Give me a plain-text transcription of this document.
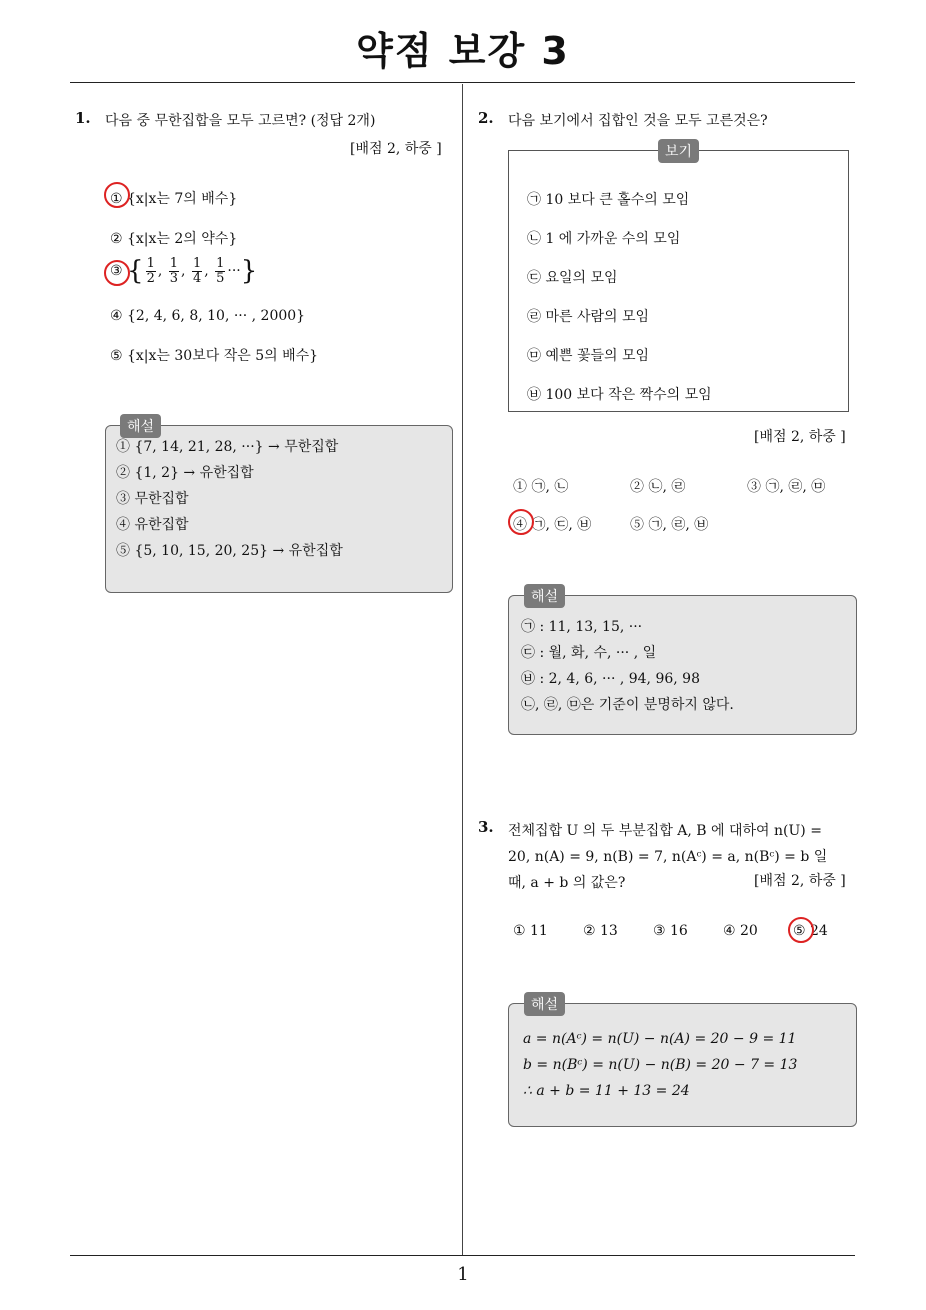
약점 보강 3
1
1. 다음 중 무한집합을 모두 고르면? (정답 2개)
[배점 2, 하중 ]
① {x|x는 7의 배수}
② {x|x는 2의 약수}
③ { $\frac{1}{2}$ , $\frac{1}{3}$ , $\frac{1}{4}$ , $\frac{1}{5}$ ···}
④ {2, 4, 6, 8, 10, ··· , 2000}
⑤ {x|x는 30보다 작은 5의 배수}
① {7, 14, 21, 28, ···} → 무한집합
② {1, 2} → 유한집합
③ 무한집합
④ 유한집합
⑤ {5, 10, 15, 20, 25} → 유한집합
해설
2. 다음 보기에서 집합인 것을 모두 고른것은?
㉠ 10 보다 큰 홀수의 모임
㉡ 1 에 가까운 수의 모임
㉢ 요일의 모임
㉣ 마른 사람의 모임
㉤ 예쁜 꽃들의 모임
㉥ 100 보다 작은 짝수의 모임
보기
[배점 2, 하중 ]
① ㉠, ㉡	② ㉡, ㉣	③ ㉠, ㉣, ㉤
④ ㉠, ㉢, ㉥	⑤ ㉠, ㉣, ㉥
㉠ : 11, 13, 15, ···
㉢ : 월, 화, 수, ··· , 일
㉥ : 2, 4, 6, ··· , 94, 96, 98
㉡, ㉣, ㉤은 기준이 분명하지 않다.
해설
3. 전체집합 U 의 두 부분집합 A, B 에 대하여 n(U) =
20, n(A) = 9, n(B) = 7, n(Aᶜ) = a, n(Bᶜ) = b 일
때, a + b 의 값은?	[배점 2, 하중 ]
① 11	② 13	③ 16	④ 20	⑤ 24
a = n(Aᶜ) = n(U) − n(A) = 20 − 9 = 11
b = n(Bᶜ) = n(U) − n(B) = 20 − 7 = 13
∴ a + b = 11 + 13 = 24
해설
